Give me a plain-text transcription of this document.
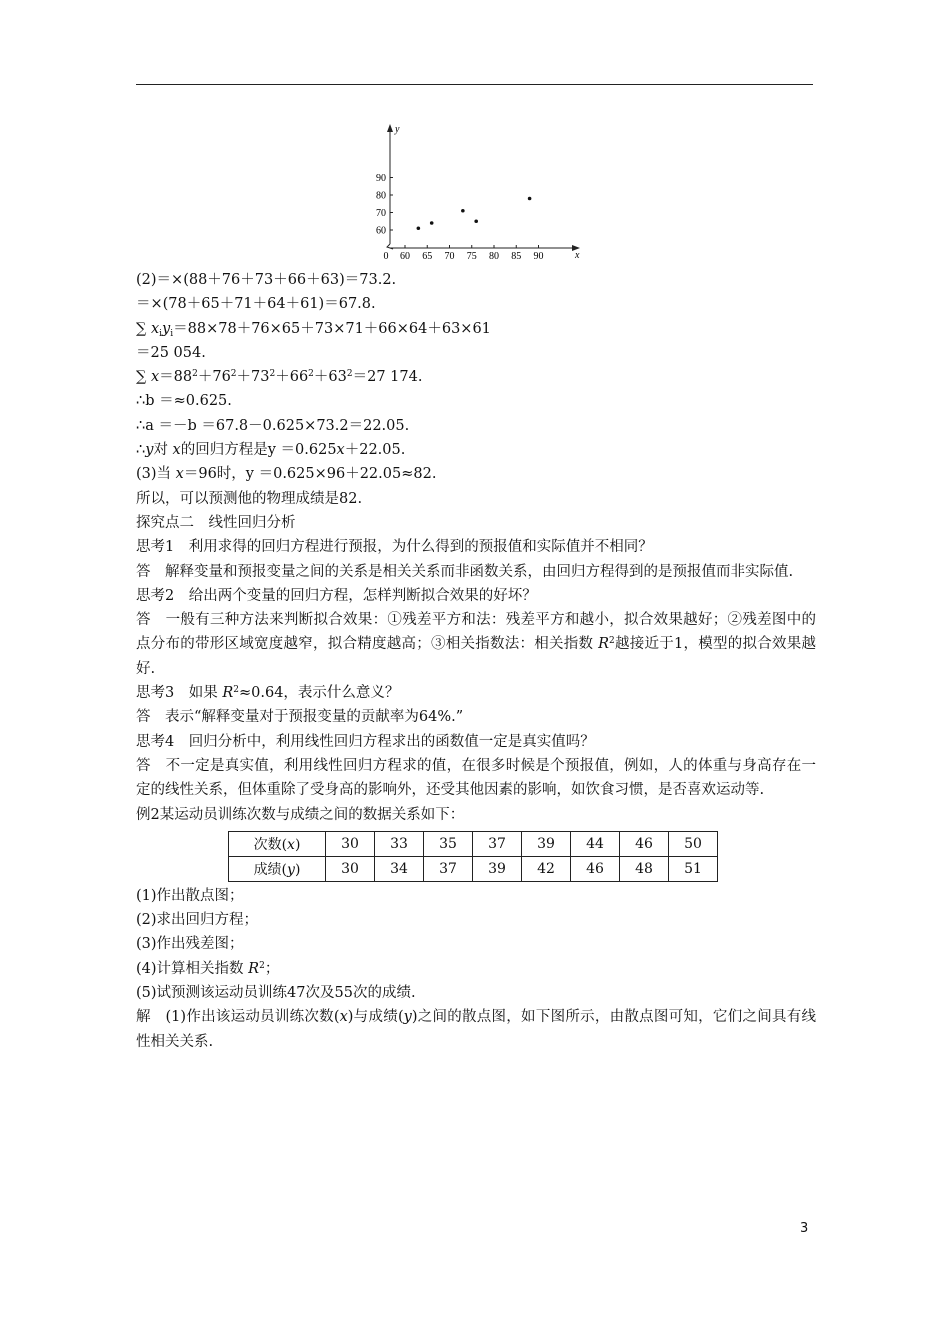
y
x
0 60 65 70 75 80 85 90
60
70
80
90
(2)＝×(88＋76＋73＋66＋63)＝73.2.
＝×(78＋65＋71＋64＋61)＝67.8.
∑ $x_iy_i=88\times 78+76\times 65+73\times 71+66\times 64+63\times 61$
＝25 054.
∑ $x=88^2+76^2+73^2+66^2+63^2=27$ 174.
∴b ＝≈0.625.
∴a ＝－b ＝67.8－0.625×73.2＝22.05.
∴y对 x的回归方程是y ＝0.625x＋22.05.
(3)当 x＝96时，y ＝0.625×96＋22.05≈82.
所以，可以预测他的物理成绩是82.
探究点二　线性回归分析
思考1　利用求得的回归方程进行预报，为什么得到的预报值和实际值并不相同？
答　解释变量和预报变量之间的关系是相关关系而非函数关系，由回归方程得到的是预报值而非实际值.
思考2　给出两个变量的回归方程，怎样判断拟合效果的好坏？
答　一般有三种方法来判断拟合效果：①残差平方和法：残差平方和越小，拟合效果越好；②残差图中的点分布的带形区域宽度越窄，拟合精度越高；③相关指数法：相关指数 $R^2$越接近于1，模型的拟合效果越好.
思考3　如果 $R^2\approx 0.64$，表示什么意义？
答　表示“解释变量对于预报变量的贡献率为64%.”
思考4　回归分析中，利用线性回归方程求出的函数值一定是真实值吗？
答　不一定是真实值，利用线性回归方程求的值，在很多时候是个预报值，例如，人的体重与身高存在一定的线性关系，但体重除了受身高的影响外，还受其他因素的影响，如饮食习惯，是否喜欢运动等.
例2某运动员训练次数与成绩之间的数据关系如下：
次数(x)	30	33	35	37	39	44	46	50
成绩(y)	30	34	37	39	42	46	48	51
(1)作出散点图；
(2)求出回归方程；
(3)作出残差图；
(4)计算相关指数 $R^2$；
(5)试预测该运动员训练47次及55次的成绩.
解　(1)作出该运动员训练次数(x)与成绩(y)之间的散点图，如下图所示，由散点图可知，它们之间具有线性相关关系.
3
